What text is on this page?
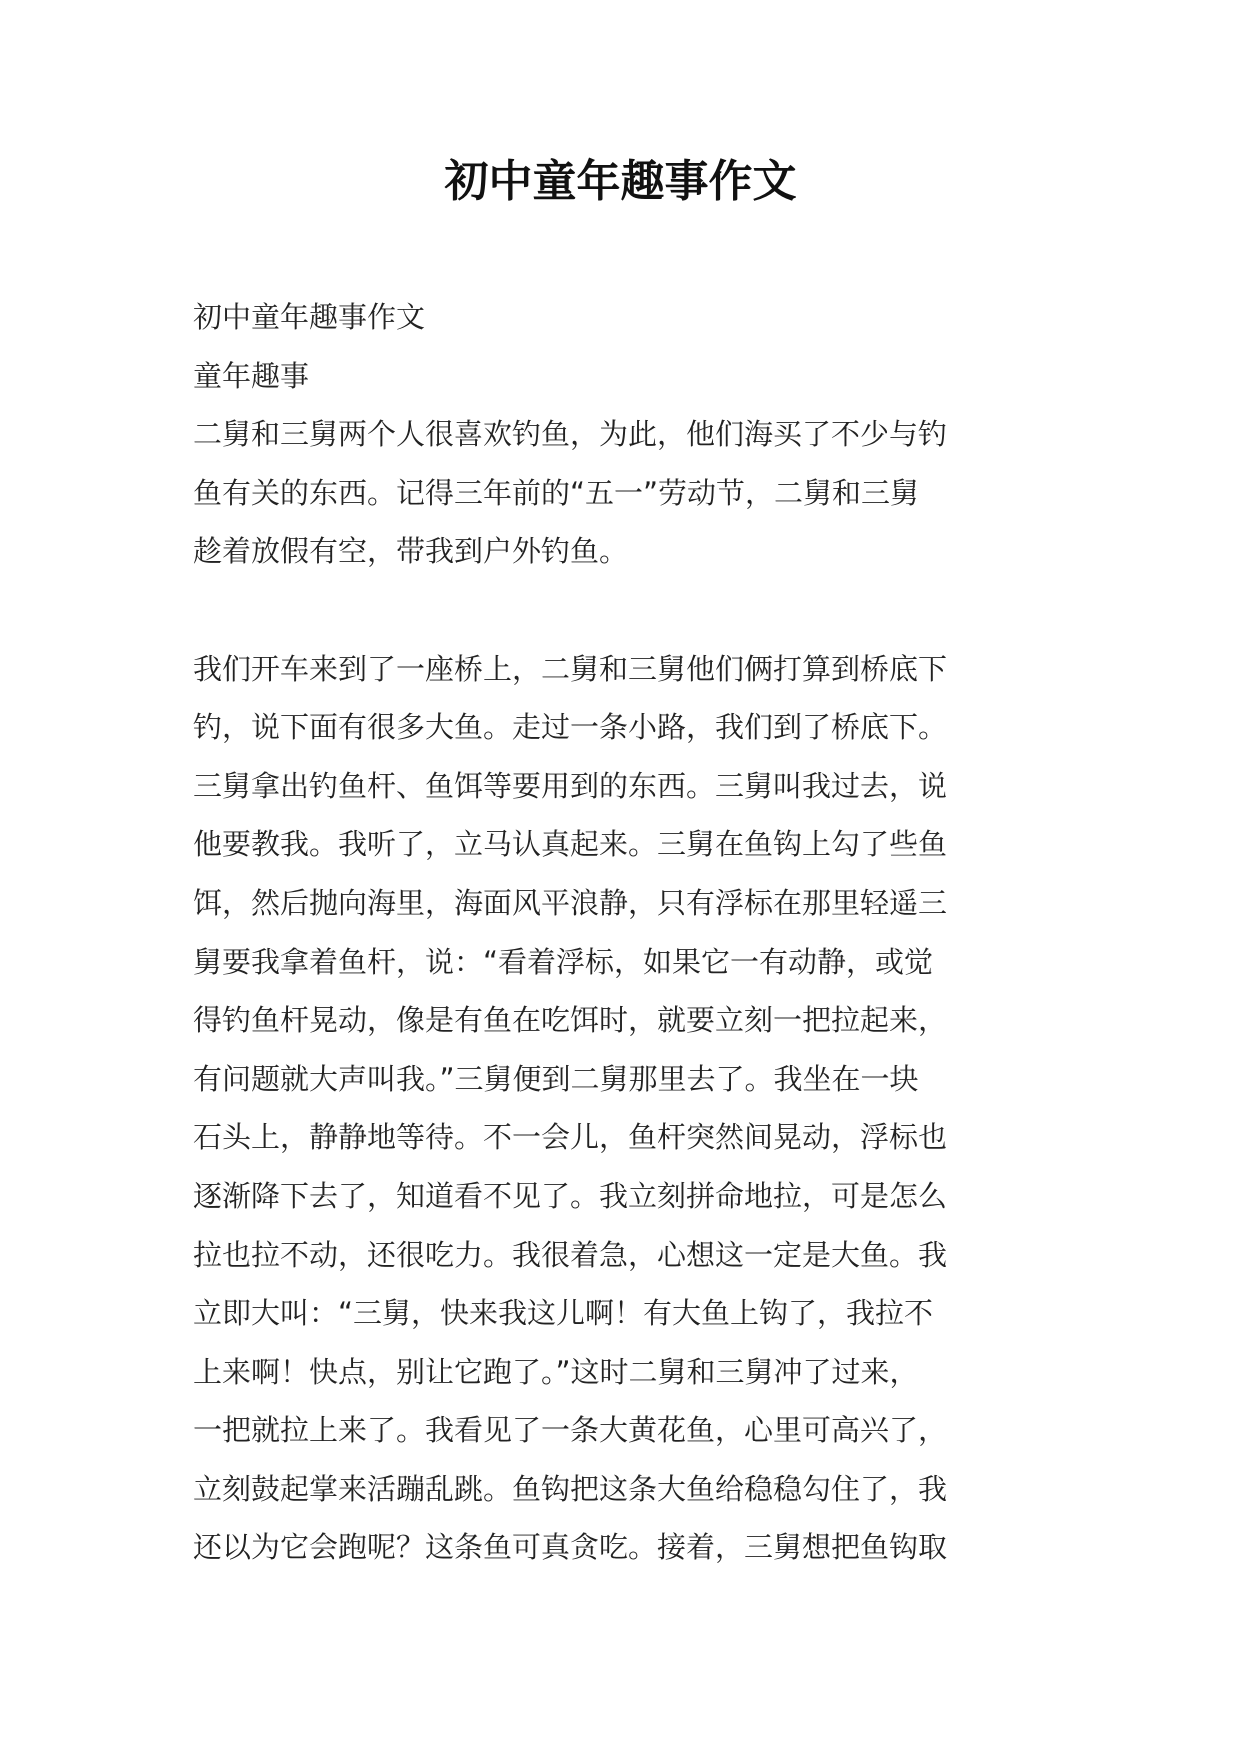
初中童年趣事作文
初中童年趣事作文
童年趣事
二舅和三舅两个人很喜欢钓鱼，为此，他们海买了不少与钓
鱼有关的东西。记得三年前的“五一”劳动节，二舅和三舅
趁着放假有空，带我到户外钓鱼。
我们开车来到了一座桥上，二舅和三舅他们俩打算到桥底下
钓，说下面有很多大鱼。走过一条小路，我们到了桥底下。
三舅拿出钓鱼杆、鱼饵等要用到的东西。三舅叫我过去，说
他要教我。我听了，立马认真起来。三舅在鱼钩上勾了些鱼
饵，然后抛向海里，海面风平浪静，只有浮标在那里轻遥三
舅要我拿着鱼杆，说：“看着浮标，如果它一有动静，或觉
得钓鱼杆晃动，像是有鱼在吃饵时，就要立刻一把拉起来，
有问题就大声叫我。”三舅便到二舅那里去了。我坐在一块
石头上，静静地等待。不一会儿，鱼杆突然间晃动，浮标也
逐渐降下去了，知道看不见了。我立刻拼命地拉，可是怎么
拉也拉不动，还很吃力。我很着急，心想这一定是大鱼。我
立即大叫：“三舅，快来我这儿啊！有大鱼上钩了，我拉不
上来啊！快点，别让它跑了。”这时二舅和三舅冲了过来，
一把就拉上来了。我看见了一条大黄花鱼，心里可高兴了，
立刻鼓起掌来活蹦乱跳。鱼钩把这条大鱼给稳稳勾住了，我
还以为它会跑呢？这条鱼可真贪吃。接着，三舅想把鱼钩取
